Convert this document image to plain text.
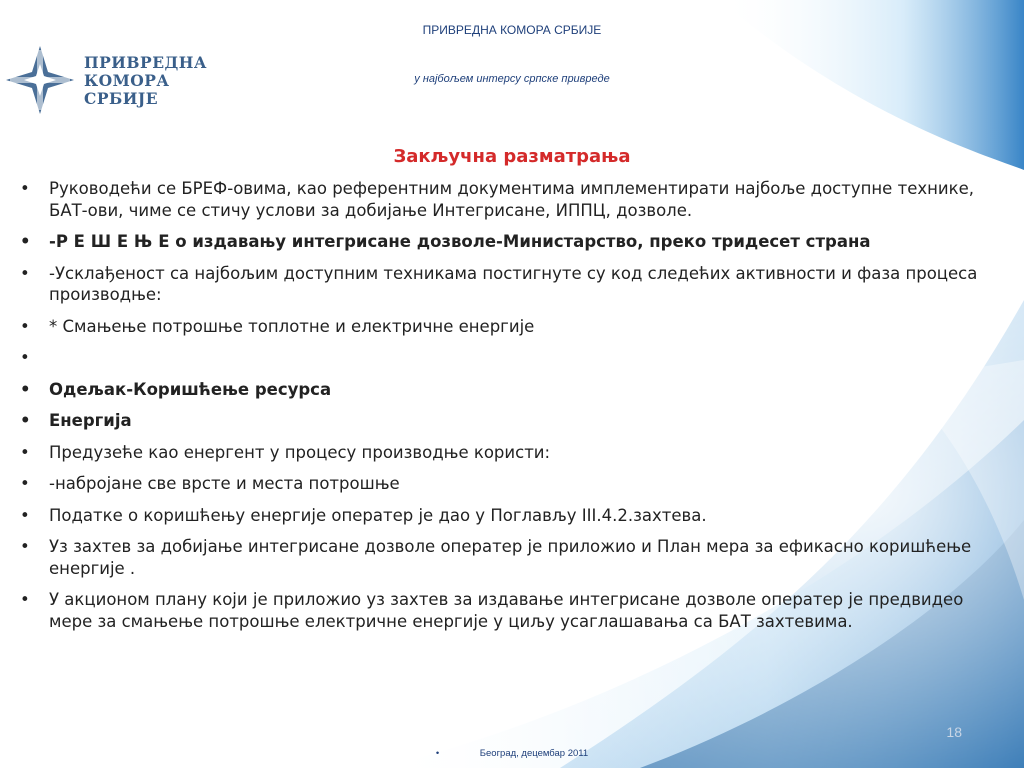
ПРИВРЕДНА
КОМОРА
СРБИЈЕ
ПРИВРЕДНА КОМОРА СРБИЈЕ
у најбољем интерсу српске привреде
Закључна разматрања
• Руководећи се БРЕФ-овима, као референтним документима имплементирати најбоље доступне технике, БАТ-ови, чиме се стичу услови за добијање Интегрисане, ИППЦ, дозволе.
• -Р Е Ш Е Њ Е о издавању интегрисане дозволе-Министарство, преко тридесет страна
• -Усклађеност са најбољим доступним техникама постигнуте су код следећих активности и фаза процеса производње:
• * Смањење потрошње топлотне и електричне енергије
•
• Одељак-Коришћење ресурса
• Енергија
• Предузеће као енергент у процесу производње користи:
• -набројане све врсте и места потрошње
• Податке о коришћењу енергије оператер је дао у Поглављу III.4.2.захтева.
• Уз захтев за добијање интегрисане дозволе оператер је приложио и План мера за ефикасно коришћење енергије .
• У акционом плану који је приложио уз захтев за издавање интегрисане дозволе оператер је предвидео мере за смањење потрошње електричне енергије у циљу усаглашавања са БАТ захтевима.
18
•	Београд, децембар 2011
